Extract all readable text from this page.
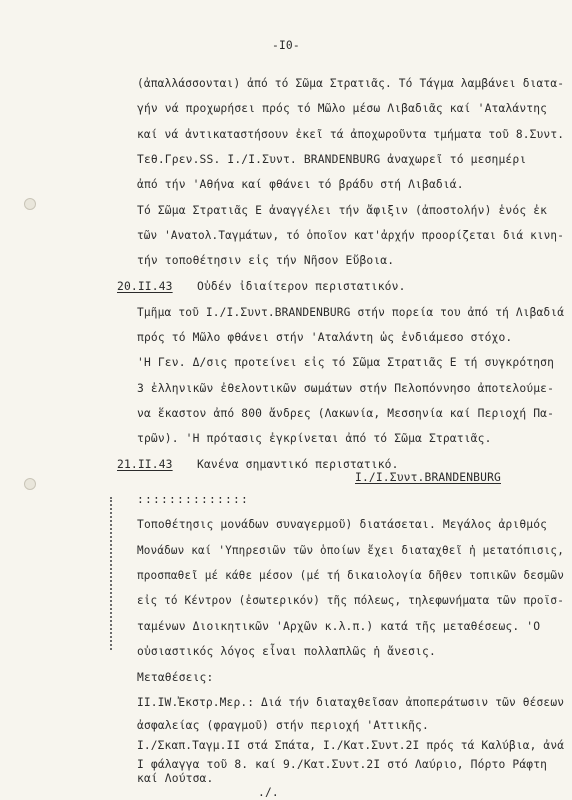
-I0-
(ἀπαλλάσσονται) ἀπό τό Σῶμα Στρατιᾶς. Τό Τάγμα λαμβάνει διατα-
γήν νά προχωρήσει πρός τό Μῶλο μέσω Λιβαδιᾶς καί 'Αταλάντης
καί νά ἀντικαταστήσουν ἐκεῖ τά ἀποχωροῦντα τμήματα τοῦ 8.Συντ.
Τεθ.Γρεν.SS. I./I.Συντ. BRANDENBURG ἀναχωρεῖ τό μεσημέρι
ἀπό τήν 'Αθήνα καί φθάνει τό βράδυ στή Λιβαδιά.
Τό Σῶμα Στρατιᾶς Ε ἀναγγέλει τήν ἄφιξιν (ἀποστολήν) ἑνός ἐκ
τῶν 'Ανατολ.Ταγμάτων, τό ὁποῖον κατ'ἀρχήν προορίζεται διά κινη-
τήν τοποθέτησιν εἰς τήν Νῆσον Εὔβοια.
20.II.43 Οὐδέν ἰδιαίτερον περιστατικόν.
Τμῆμα τοῦ I./I.Συντ.BRANDENBURG στήν πορεία του ἀπό τή Λιβαδιά
πρός τό Μῶλο φθάνει στήν 'Αταλάντη ὡς ἐνδιάμεσο στόχο.
'Η Γεν. Δ/σις προτείνει εἰς τό Σῶμα Στρατιᾶς Ε τή συγκρότηση
3 ἐλληνικῶν ἐθελοντικῶν σωμάτων στήν Πελοπόννησο ἀποτελούμε-
να ἕκαστον ἀπό 800 ἄνδρες (Λακωνία, Μεσσηνία καί Περιοχή Πα-
τρῶν). 'Η πρότασις ἐγκρίνεται ἀπό τό Σῶμα Στρατιᾶς.
21.II.43 Κανένα σημαντικό περιστατικό.
I./I.Συντ.BRANDENBURG
::::::::::::::
Τοποθέτησις μονάδων συναγερμοῦ) διατάσεται. Μεγάλος ἀριθμός
Μονάδων καί 'Υπηρεσιῶν τῶν ὁποίων ἔχει διαταχθεῖ ἡ μετατόπισις,
προσπαθεῖ μέ κάθε μέσον (μέ τή δικαιολογία δῆθεν τοπικῶν δεσμῶν
εἰς τό Κέντρον (ἐσωτερικόν) τῆς πόλεως, τηλεφωνήματα τῶν προϊσ-
ταμένων Διοικητικῶν 'Αρχῶν κ.λ.π.) κατά τῆς μεταθέσεως. 'Ο
οὐσιαστικός λόγος εἶναι πολλαπλῶς ἡ ἄνεσις.
Μεταθέσεις:
II.IW.Ἐκστρ.Μερ.: Διά τήν διαταχθεῖσαν ἀποπεράτωσιν τῶν θέσεων
ἀσφαλείας (φραγμοῦ) στήν περιοχή 'Αττικῆς.
I./Σκαπ.Ταγμ.II στά Σπάτα, I./Κατ.Συντ.2I πρός τά Καλύβια, ἀνά
I φάλαγγα τοῦ 8. καί 9./Κατ.Συντ.2I στό Λαύριο, Πόρτο Ράφτη
καί Λούτσα.
./.
